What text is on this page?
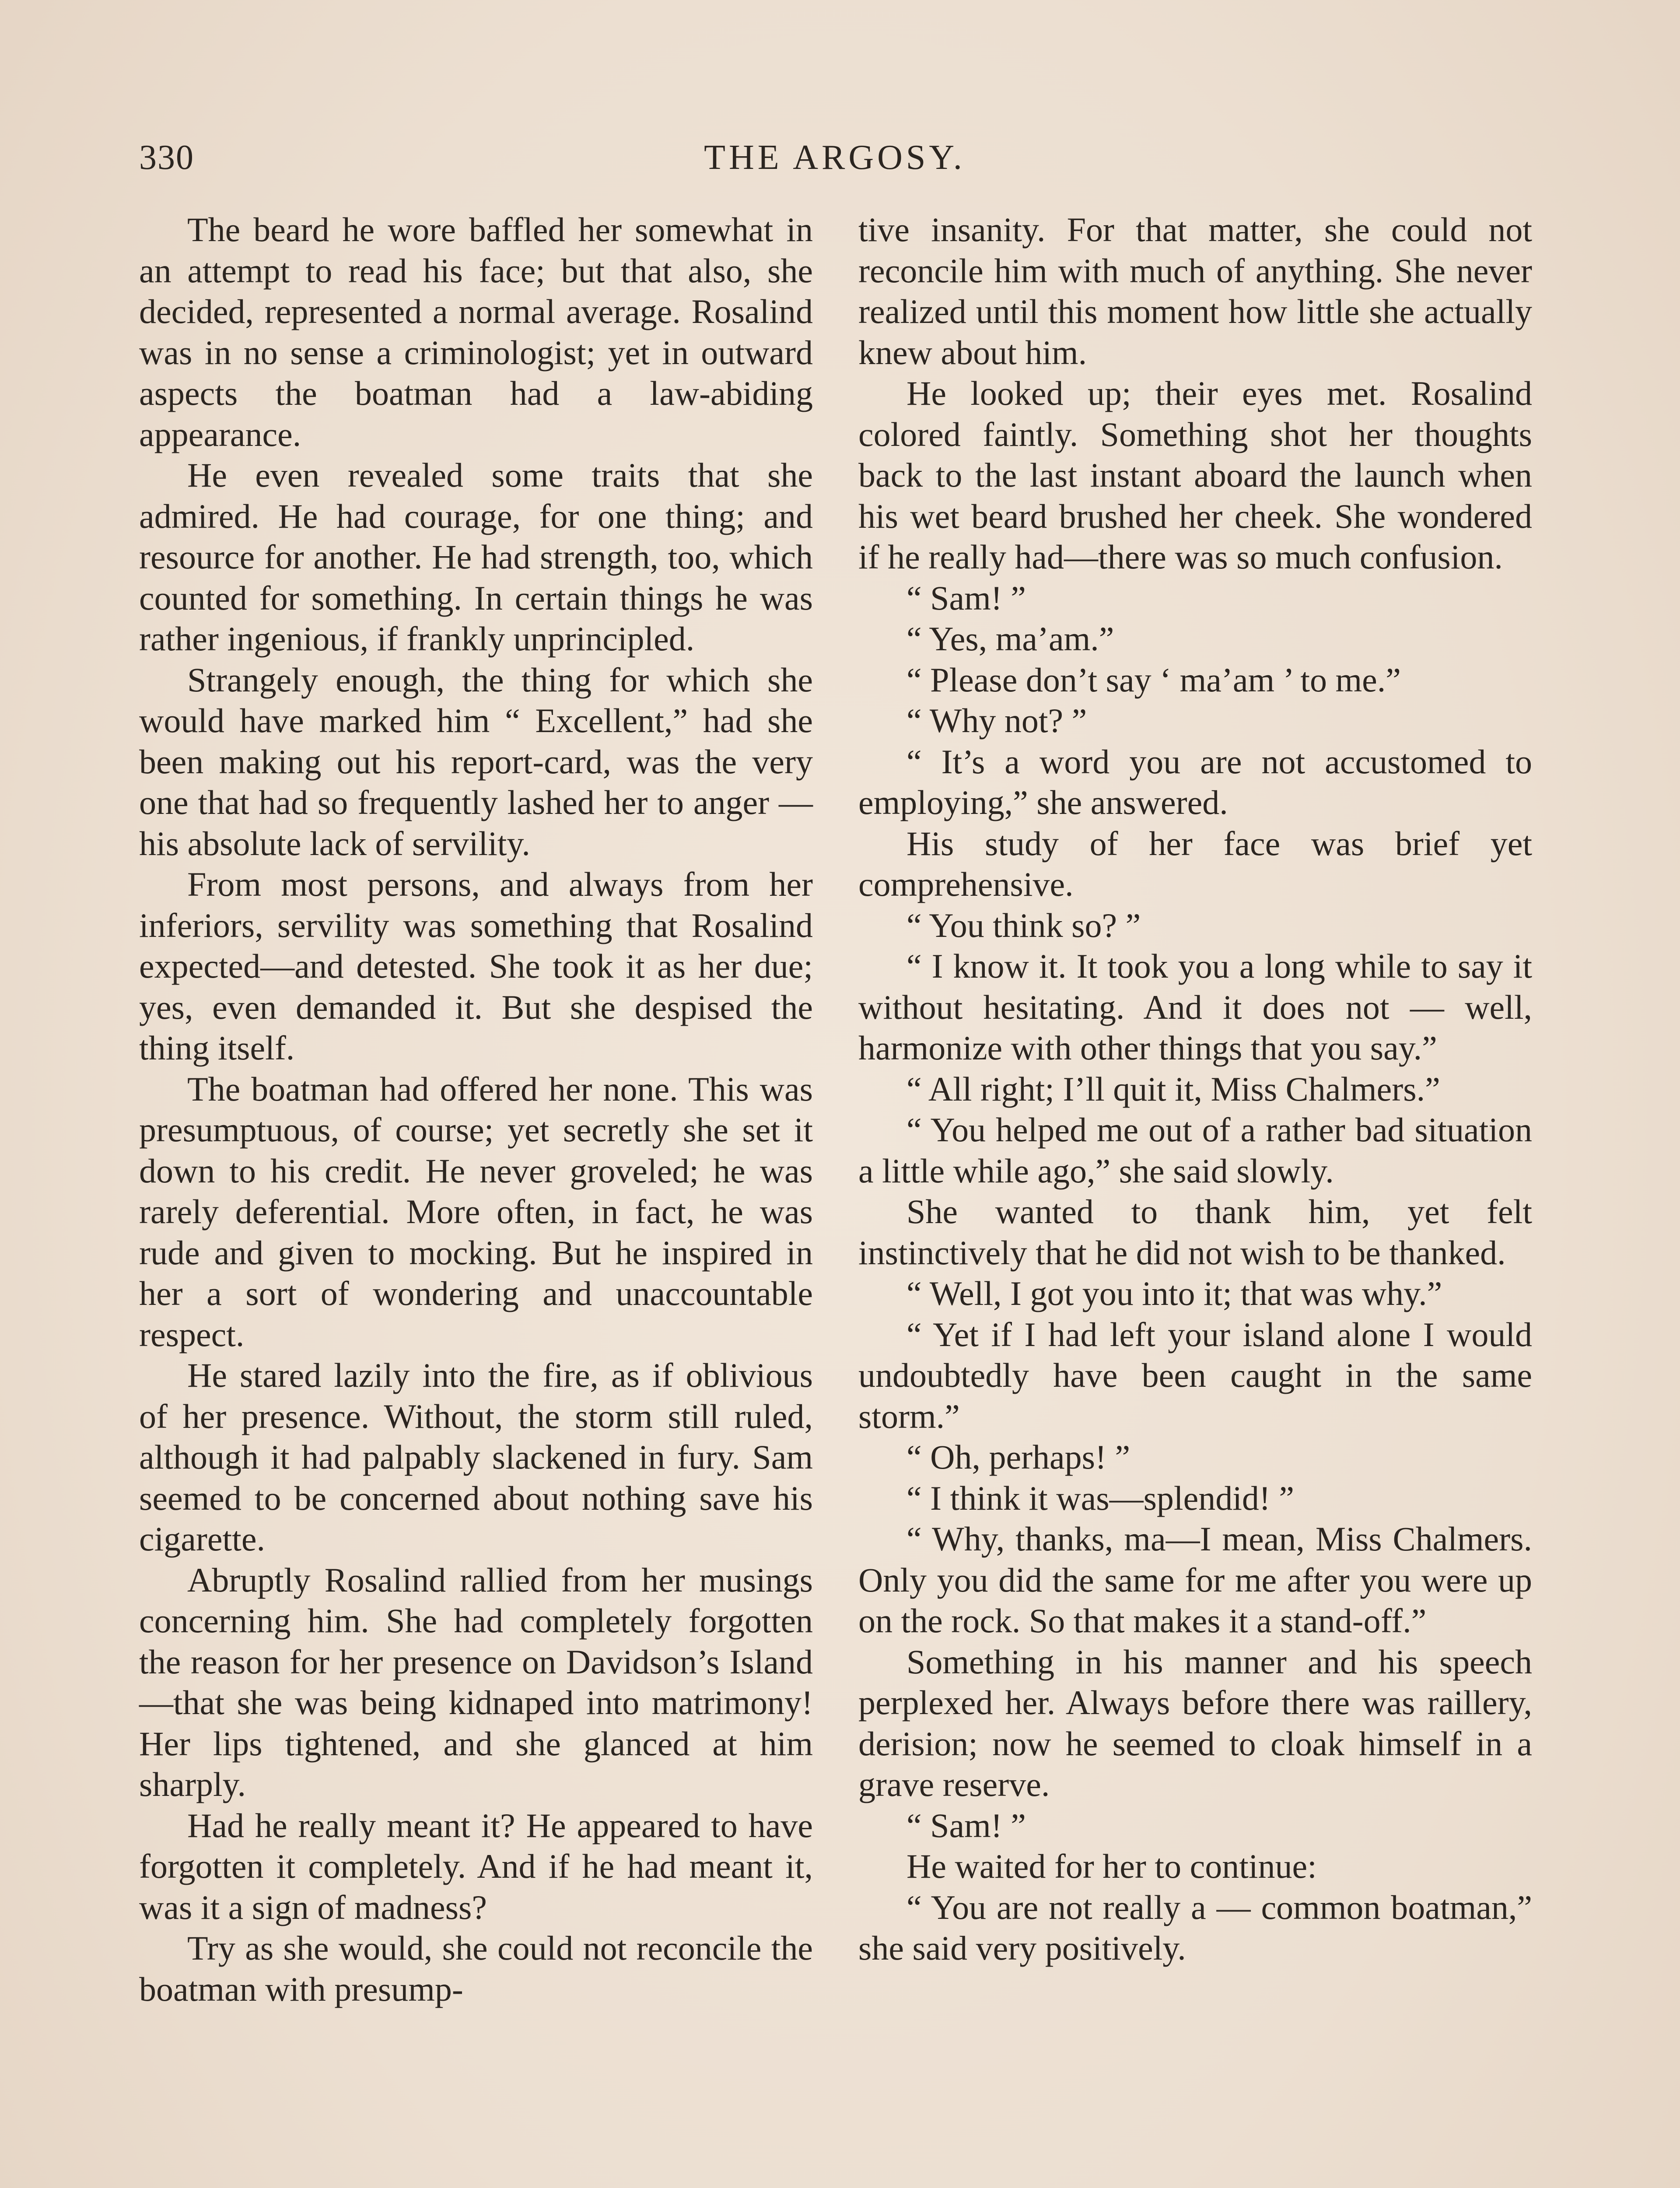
330	THE ARGOSY.

The beard he wore baffled her somewhat in an attempt to read his face; but that also, she decided, represented a normal average. Rosalind was in no sense a criminologist; yet in outward aspects the boatman had a law-abiding appearance.

He even revealed some traits that she admired. He had courage, for one thing; and resource for another. He had strength, too, which counted for something. In certain things he was rather ingenious, if frankly unprincipled.

Strangely enough, the thing for which she would have marked him “ Excellent,” had she been making out his report-card, was the very one that had so frequently lashed her to anger —his absolute lack of servility.

From most persons, and always from her inferiors, servility was something that Rosalind expected—and detested. She took it as her due; yes, even demanded it. But she despised the thing itself.

The boatman had offered her none. This was presumptuous, of course; yet secretly she set it down to his credit. He never groveled; he was rarely deferential. More often, in fact, he was rude and given to mocking. But he inspired in her a sort of wondering and unaccountable respect.

He stared lazily into the fire, as if oblivious of her presence. Without, the storm still ruled, although it had palpably slackened in fury. Sam seemed to be concerned about nothing save his cigarette.

Abruptly Rosalind rallied from her musings concerning him. She had completely forgotten the reason for her presence on Davidson’s Island—that she was being kidnaped into matrimony! Her lips tightened, and she glanced at him sharply.

Had he really meant it? He appeared to have forgotten it completely. And if he had meant it, was it a sign of madness?

Try as she would, she could not reconcile the boatman with presump-

tive insanity. For that matter, she could not reconcile him with much of anything. She never realized until this moment how little she actually knew about him.

He looked up; their eyes met. Rosalind colored faintly. Something shot her thoughts back to the last instant aboard the launch when his wet beard brushed her cheek. She wondered if he really had—there was so much confusion.

“ Sam! ”

“ Yes, ma’am.”

“ Please don’t say ‘ ma’am ’ to me.”

“ Why not? ”

“ It’s a word you are not accustomed to employing,” she answered.

His study of her face was brief yet comprehensive.

“ You think so? ”

“ I know it. It took you a long while to say it without hesitating. And it does not — well, harmonize with other things that you say.”

“ All right; I’ll quit it, Miss Chalmers.”

“ You helped me out of a rather bad situation a little while ago,” she said slowly.

She wanted to thank him, yet felt instinctively that he did not wish to be thanked.

“ Well, I got you into it; that was why.”

“ Yet if I had left your island alone I would undoubtedly have been caught in the same storm.”

“ Oh, perhaps! ”

“ I think it was—splendid! ”

“ Why, thanks, ma—I mean, Miss Chalmers. Only you did the same for me after you were up on the rock. So that makes it a stand-off.”

Something in his manner and his speech perplexed her. Always before there was raillery, derision; now he seemed to cloak himself in a grave reserve.

“ Sam! ”

He waited for her to continue:

“ You are not really a — common boatman,” she said very positively.
